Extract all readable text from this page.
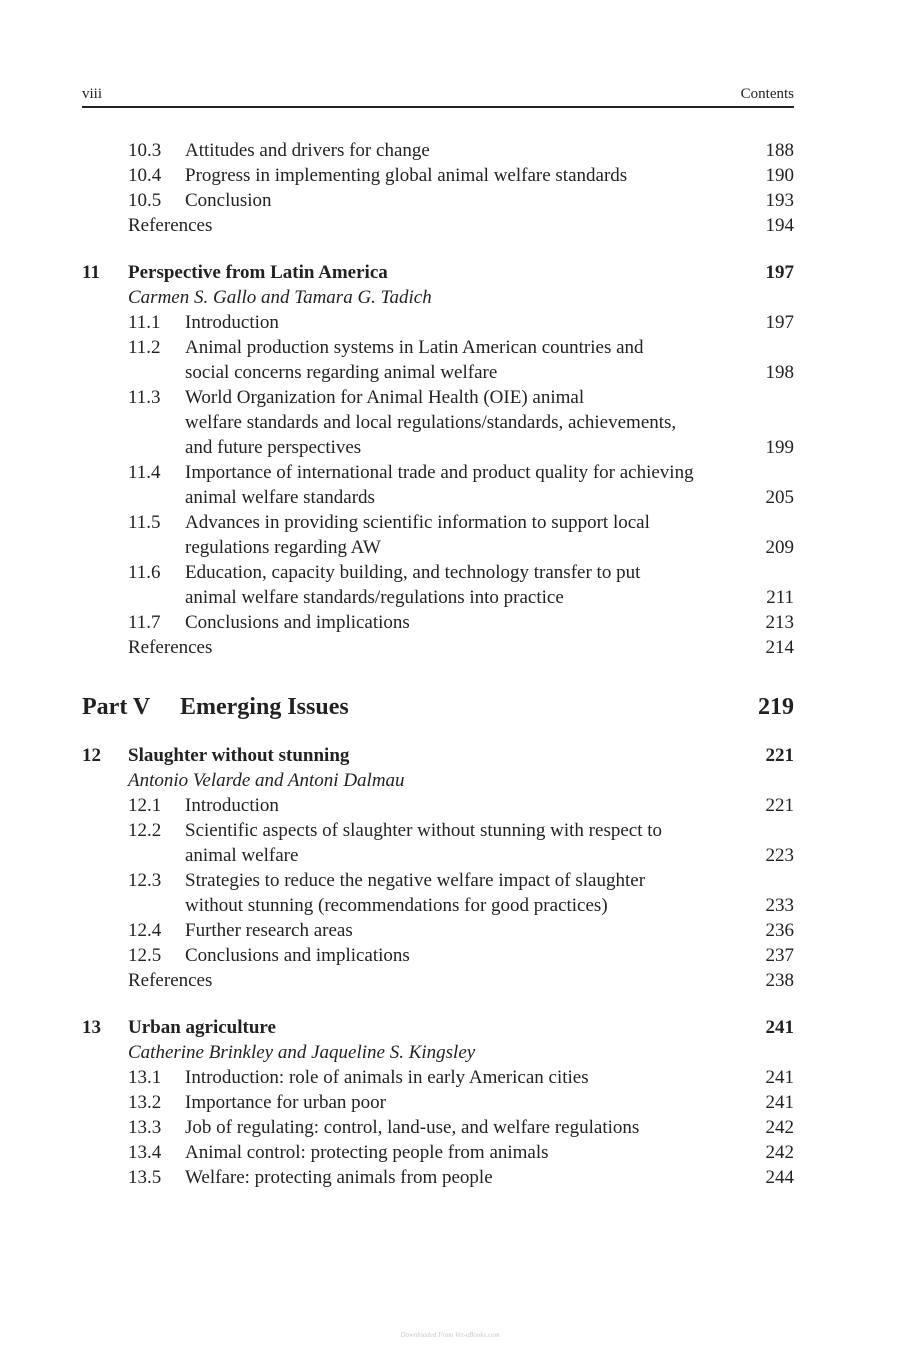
viii	Contents
10.3 Attitudes and drivers for change	188
10.4 Progress in implementing global animal welfare standards	190
10.5 Conclusion	193
References	194
11 Perspective from Latin America	197
Carmen S. Gallo and Tamara G. Tadich
11.1 Introduction	197
11.2 Animal production systems in Latin American countries and
social concerns regarding animal welfare	198
11.3 World Organization for Animal Health (OIE) animal
welfare standards and local regulations/standards, achievements,
and future perspectives	199
11.4 Importance of international trade and product quality for achieving
animal welfare standards	205
11.5 Advances in providing scientific information to support local
regulations regarding AW	209
11.6 Education, capacity building, and technology transfer to put
animal welfare standards/regulations into practice	211
11.7 Conclusions and implications	213
References	214
Part V Emerging Issues	219
12 Slaughter without stunning	221
Antonio Velarde and Antoni Dalmau
12.1 Introduction	221
12.2 Scientific aspects of slaughter without stunning with respect to
animal welfare	223
12.3 Strategies to reduce the negative welfare impact of slaughter
without stunning (recommendations for good practices)	233
12.4 Further research areas	236
12.5 Conclusions and implications	237
References	238
13 Urban agriculture	241
Catherine Brinkley and Jaqueline S. Kingsley
13.1 Introduction: role of animals in early American cities	241
13.2 Importance for urban poor	241
13.3 Job of regulating: control, land-use, and welfare regulations	242
13.4 Animal control: protecting people from animals	242
13.5 Welfare: protecting animals from people	244
Downloaded From Vet-eBooks.com
